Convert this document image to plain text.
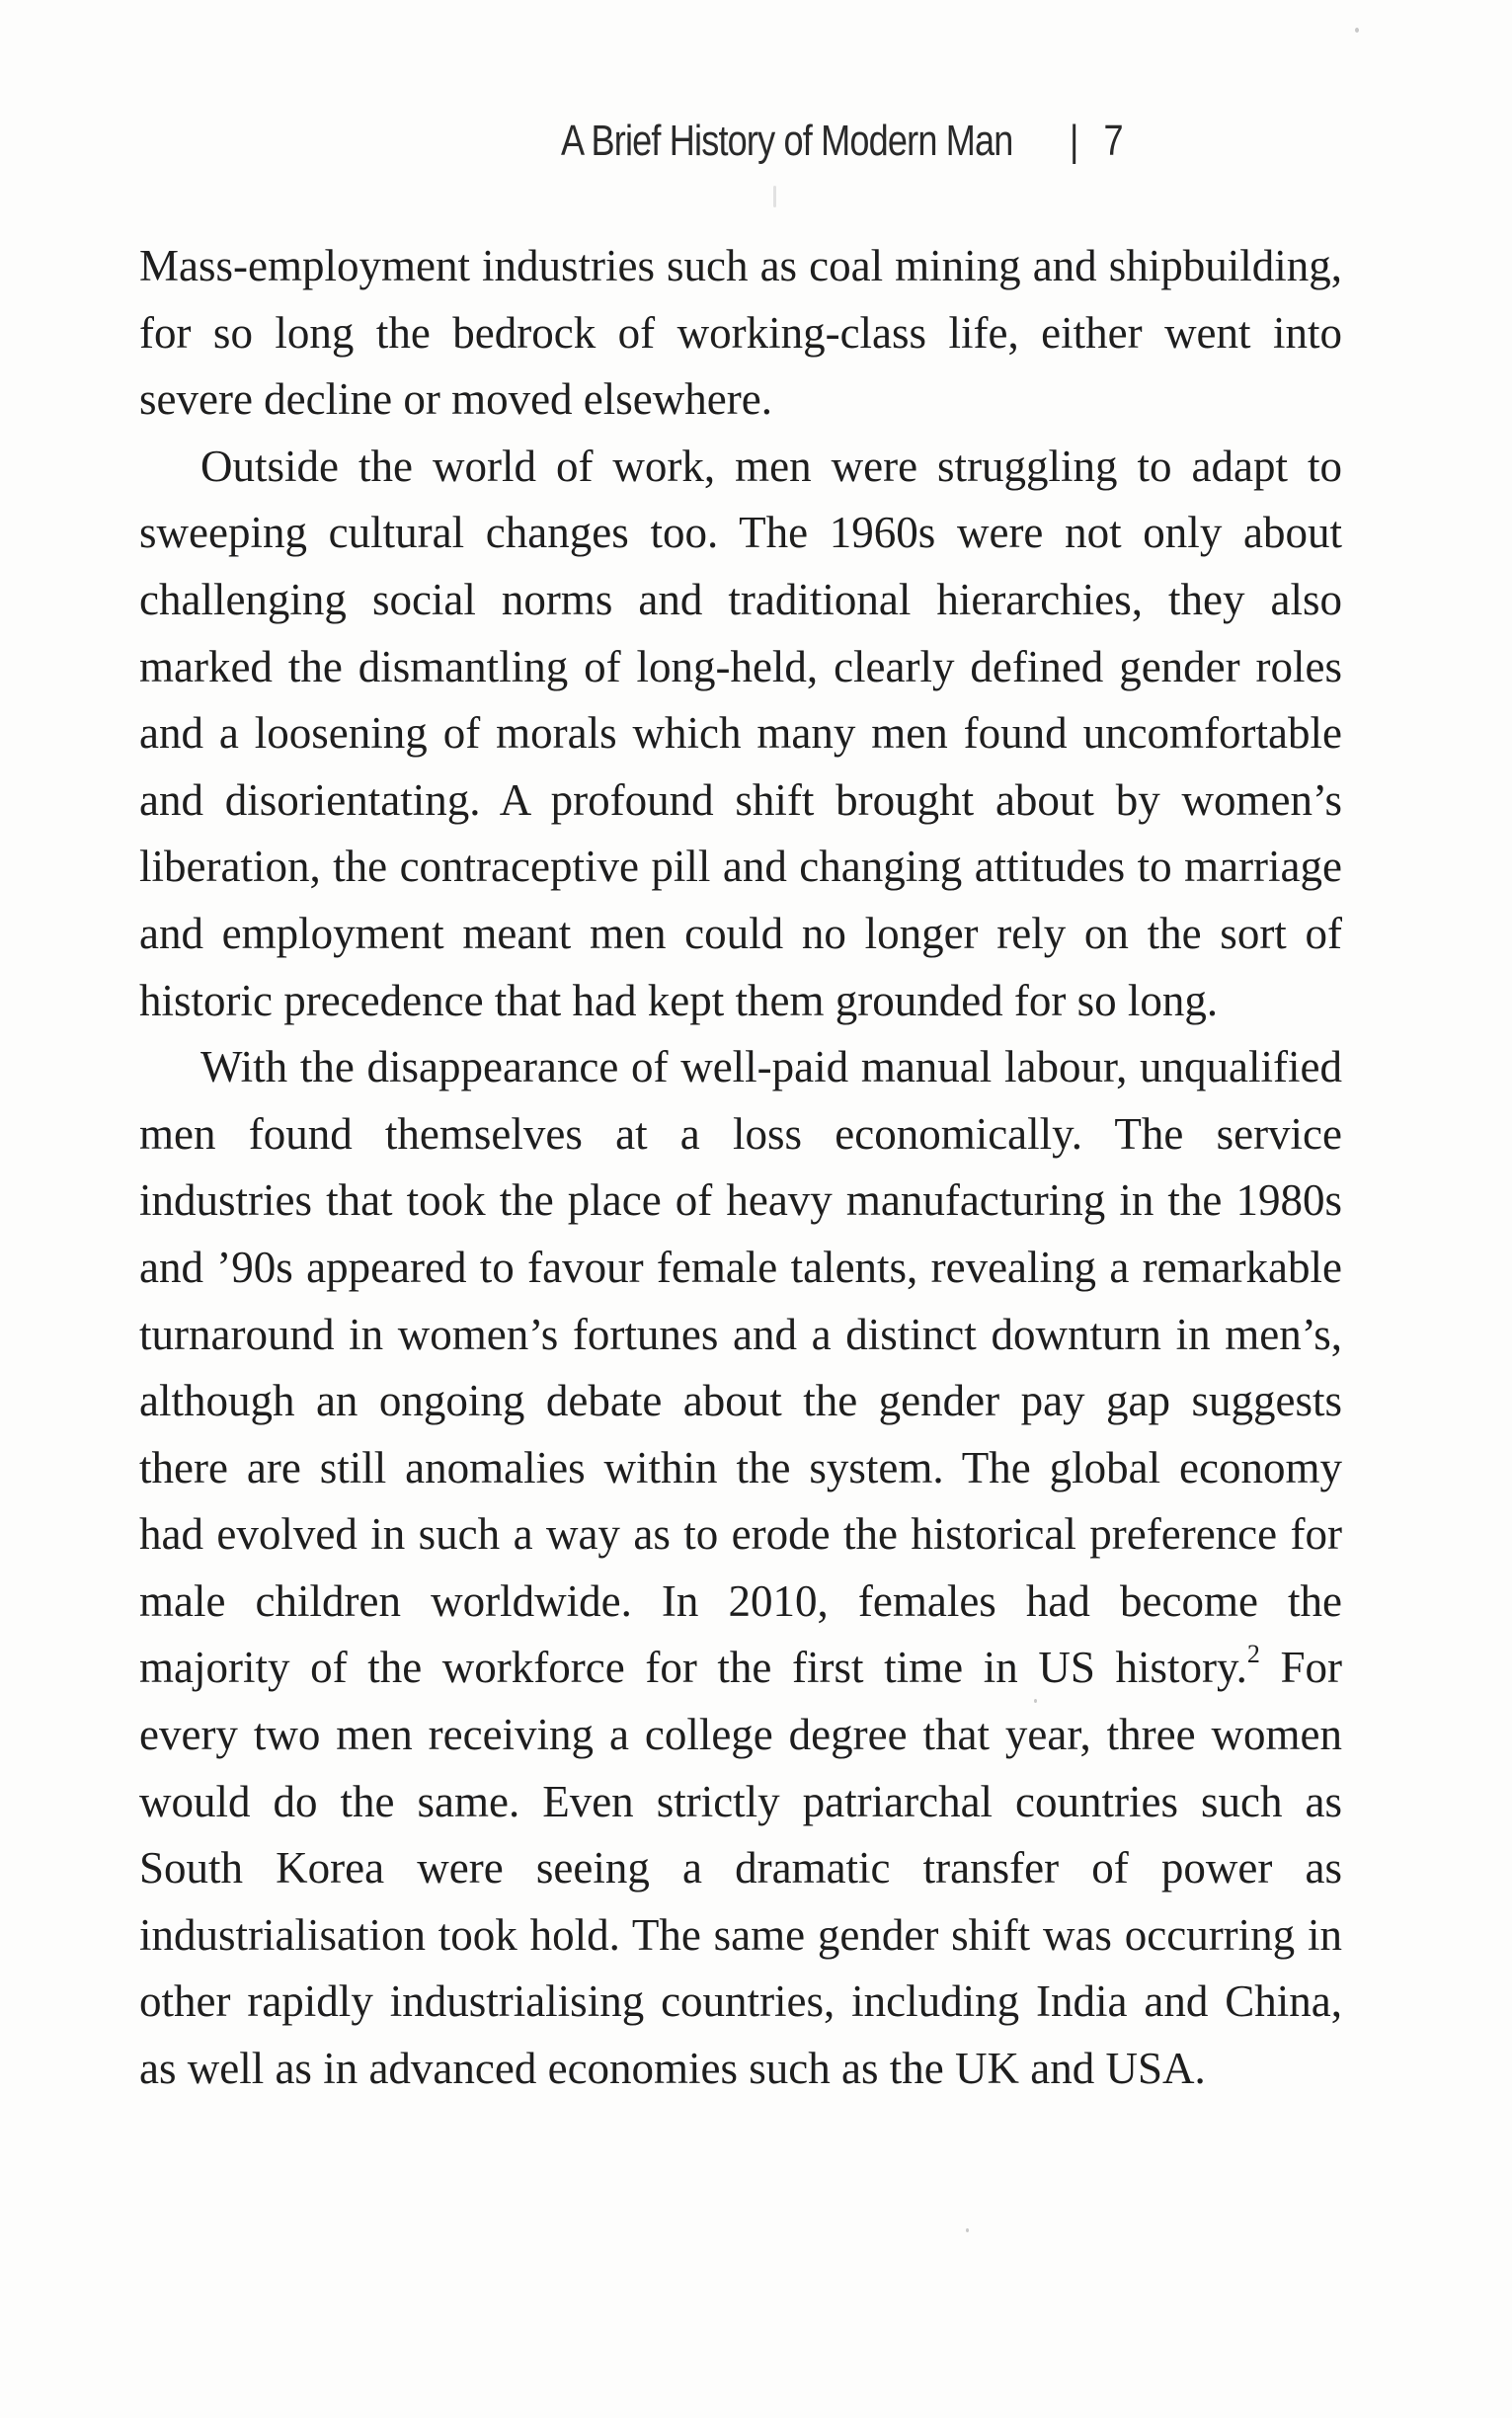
A Brief History of Modern Man | 7

Mass-employment industries such as coal mining and shipbuilding, for so long the bedrock of working-class life, either went into severe decline or moved elsewhere.

Outside the world of work, men were struggling to adapt to sweeping cultural changes too. The 1960s were not only about challenging social norms and traditional hierarchies, they also marked the dismantling of long-held, clearly defined gender roles and a loosening of morals which many men found uncomfortable and disorientating. A profound shift brought about by women’s liberation, the contraceptive pill and changing attitudes to marriage and employment meant men could no longer rely on the sort of historic precedence that had kept them grounded for so long.

With the disappearance of well-paid manual labour, unqualified men found themselves at a loss economically. The service industries that took the place of heavy manufacturing in the 1980s and ’90s appeared to favour female talents, revealing a remarkable turnaround in women’s fortunes and a distinct downturn in men’s, although an ongoing debate about the gender pay gap suggests there are still anomalies within the system. The global economy had evolved in such a way as to erode the historical preference for male children worldwide. In 2010, females had become the majority of the workforce for the first time in US history.$^2$ For every two men receiving a college degree that year, three women would do the same. Even strictly patriarchal countries such as South Korea were seeing a dramatic transfer of power as industrialisation took hold. The same gender shift was occurring in other rapidly industrialising countries, including India and China, as well as in advanced economies such as the UK and USA.
